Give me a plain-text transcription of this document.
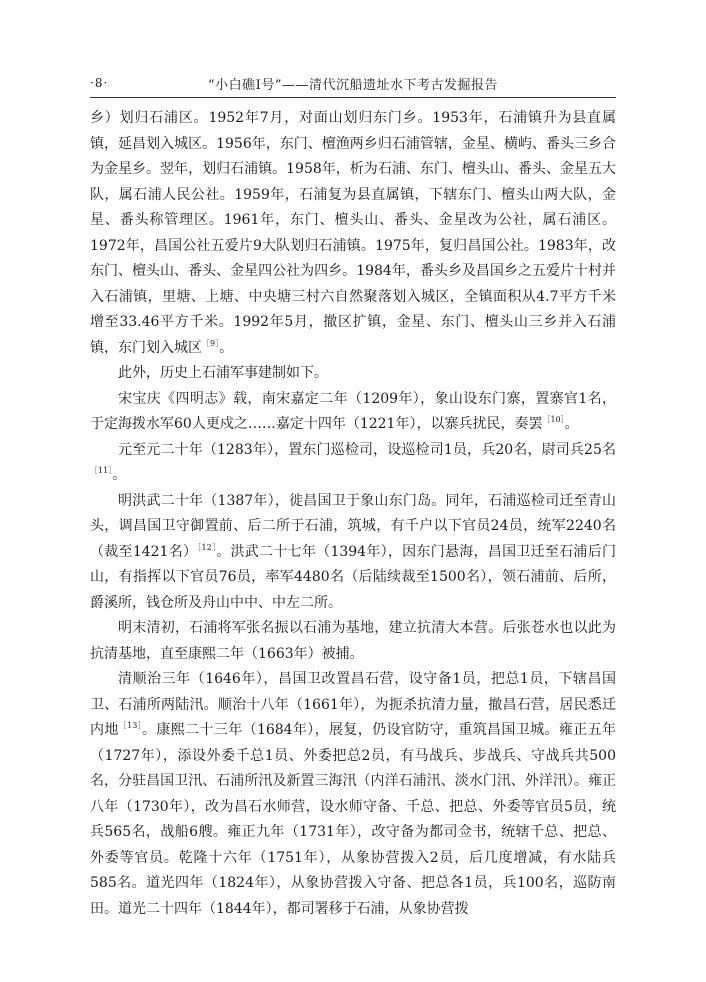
·8·	“小白礁Ⅰ号”——清代沉船遗址水下考古发掘报告

乡）划归石浦区。1952年7月，对面山划归东门乡。1953年，石浦镇升为县直属镇，延昌划入城区。1956年，东门、檀渔两乡归石浦管辖，金星、横屿、番头三乡合为金星乡。翌年，划归石浦镇。1958年，析为石浦、东门、檀头山、番头、金星五大队，属石浦人民公社。1959年，石浦复为县直属镇，下辖东门、檀头山两大队，金星、番头称管理区。1961年，东门、檀头山、番头、金星改为公社，属石浦区。1972年，昌国公社五爱片9大队划归石浦镇。1975年，复归昌国公社。1983年，改东门、檀头山、番头、金星四公社为四乡。1984年，番头乡及昌国乡之五爱片十村并入石浦镇，里塘、上塘、中央塘三村六自然聚落划入城区，全镇面积从4.7平方千米增至33.46平方千米。1992年5月，撤区扩镇，金星、东门、檀头山三乡并入石浦镇，东门划入城区$^{[9]}$。

此外，历史上石浦军事建制如下。

宋宝庆《四明志》载，南宋嘉定二年（1209年），象山设东门寨，置寨官1名，于定海拨水军60人更戍之……嘉定十四年（1221年），以寨兵扰民，奏罢$^{[10]}$。

元至元二十年（1283年），置东门巡检司，设巡检司1员，兵20名，尉司兵25名$^{[11]}$。

明洪武二十年（1387年），徙昌国卫于象山东门岛。同年，石浦巡检司迁至青山头，调昌国卫守御置前、后二所于石浦，筑城，有千户以下官员24员，统军2240名（裁至1421名）$^{[12]}$。洪武二十七年（1394年），因东门悬海，昌国卫迁至石浦后门山，有指挥以下官员76员，率军4480名（后陆续裁至1500名），领石浦前、后所，爵溪所，钱仓所及舟山中中、中左二所。

明末清初，石浦将军张名振以石浦为基地，建立抗清大本营。后张苍水也以此为抗清基地，直至康熙二年（1663年）被捕。

清顺治三年（1646年），昌国卫改置昌石营，设守备1员，把总1员，下辖昌国卫、石浦所两陆汛。顺治十八年（1661年），为扼杀抗清力量，撤昌石营，居民悉迁内地$^{[13]}$。康熙二十三年（1684年），展复，仍设官防守，重筑昌国卫城。雍正五年（1727年），添设外委千总1员、外委把总2员，有马战兵、步战兵、守战兵共500名，分驻昌国卫汛、石浦所汛及新置三海汛（内洋石浦汛、淡水门汛、外洋汛）。雍正八年（1730年），改为昌石水师营，设水师守备、千总、把总、外委等官员5员，统兵565名，战船6艘。雍正九年（1731年），改守备为都司佥书，统辖千总、把总、外委等官员。乾隆十六年（1751年），从象协营拨入2员，后几度增减，有水陆兵585名。道光四年（1824年），从象协营拨入守备、把总各1员，兵100名，巡防南田。道光二十四年（1844年），都司署移于石浦，从象协营拨
